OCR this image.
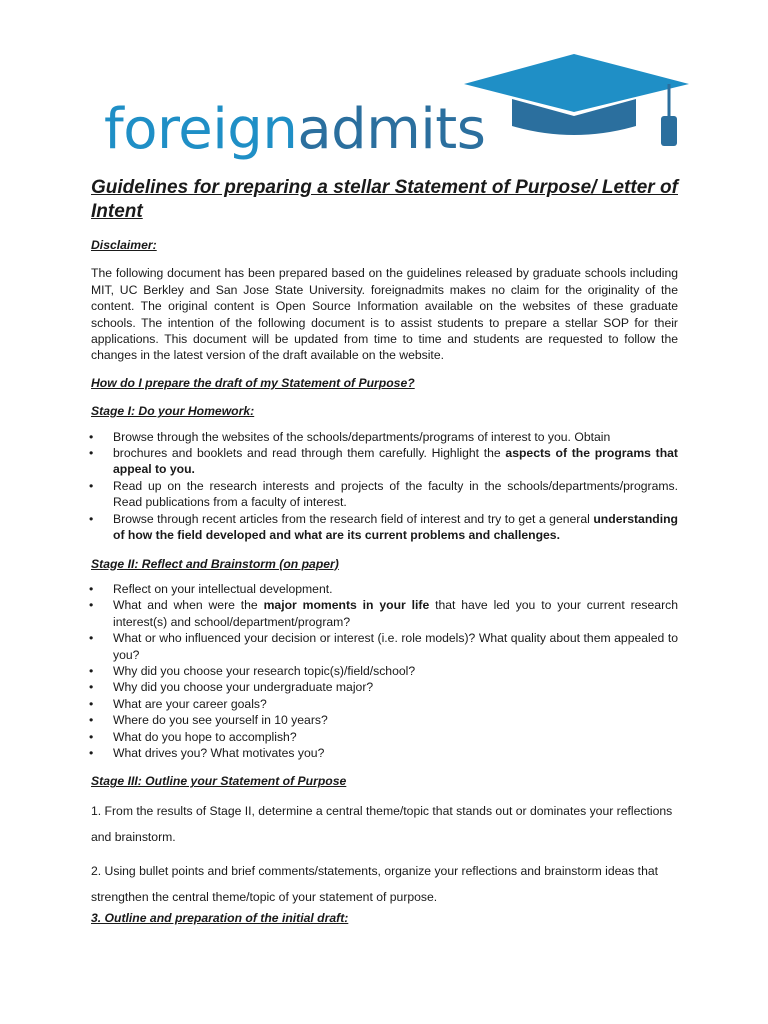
foreignadmits
Guidelines for preparing a stellar Statement of Purpose/ Letter of Intent

Disclaimer:

The following document has been prepared based on the guidelines released by graduate schools including MIT, UC Berkley and San Jose State University. foreignadmits makes no claim for the originality of the content. The original content is Open Source Information available on the websites of these graduate schools. The intention of the following document is to assist students to prepare a stellar SOP for their applications. This document will be updated from time to time and students are requested to follow the changes in the latest version of the draft available on the website.

How do I prepare the draft of my Statement of Purpose?

Stage I: Do your Homework:

• Browse through the websites of the schools/departments/programs of interest to you. Obtain
• brochures and booklets and read through them carefully. Highlight the aspects of the programs that appeal to you.
• Read up on the research interests and projects of the faculty in the schools/departments/programs. Read publications from a faculty of interest.
• Browse through recent articles from the research field of interest and try to get a general understanding of how the field developed and what are its current problems and challenges.

Stage II: Reflect and Brainstorm (on paper)

• Reflect on your intellectual development.
• What and when were the major moments in your life that have led you to your current research interest(s) and school/department/program?
• What or who influenced your decision or interest (i.e. role models)? What quality about them appealed to you?
• Why did you choose your research topic(s)/field/school?
• Why did you choose your undergraduate major?
• What are your career goals?
• Where do you see yourself in 10 years?
• What do you hope to accomplish?
• What drives you? What motivates you?

Stage III: Outline your Statement of Purpose

1. From the results of Stage II, determine a central theme/topic that stands out or dominates your reflections and brainstorm.

2. Using bullet points and brief comments/statements, organize your reflections and brainstorm ideas that strengthen the central theme/topic of your statement of purpose.

3. Outline and preparation of the initial draft:
